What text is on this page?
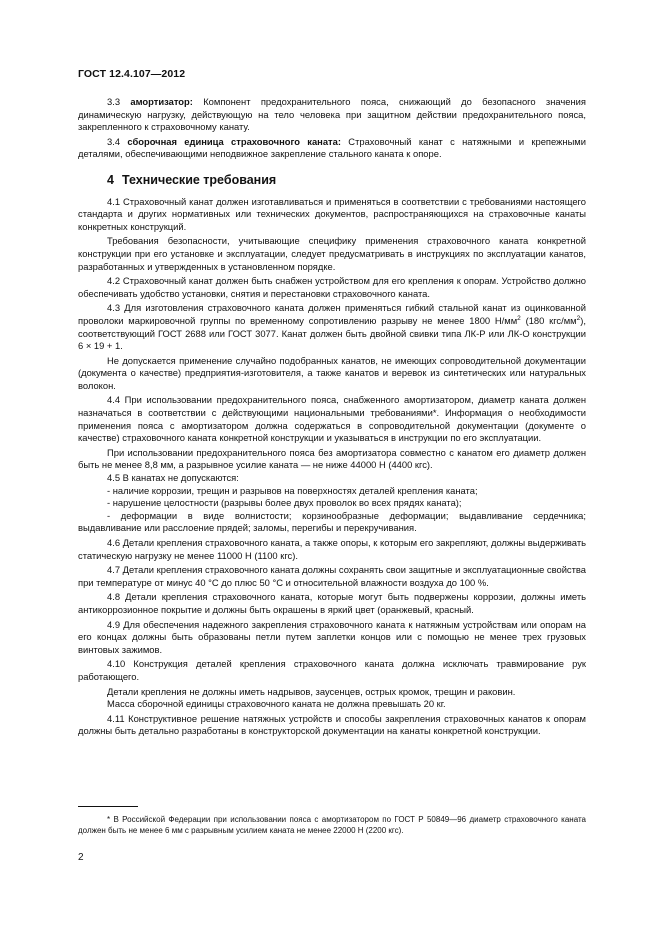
ГОСТ 12.4.107—2012

3.3 амортизатор: Компонент предохранительного пояса, снижающий до безопасного значения динамическую нагрузку, действующую на тело человека при защитном действии предохранительного пояса, закрепленного к страховочному канату.

3.4 сборочная единица страховочного каната: Страховочный канат с натяжными и крепежными деталями, обеспечивающими неподвижное закрепление стального каната к опоре.

4 Технические требования

4.1 Страховочный канат должен изготавливаться и применяться в соответствии с требованиями настоящего стандарта и других нормативных или технических документов, распространяющихся на страховочные канаты конкретных конструкций.

Требования безопасности, учитывающие специфику применения страховочного каната конкретной конструкции при его установке и эксплуатации, следует предусматривать в инструкциях по эксплуатации канатов, разработанных и утвержденных в установленном порядке.

4.2 Страховочный канат должен быть снабжен устройством для его крепления к опорам. Устройство должно обеспечивать удобство установки, снятия и перестановки страховочного каната.

4.3 Для изготовления страховочного каната должен применяться гибкий стальной канат из оцинкованной проволоки маркировочной группы по временному сопротивлению разрыву не менее 1800 $Н/мм^2$ (180 кгс/$мм^2$), соответствующий ГОСТ 2688 или ГОСТ 3077. Канат должен быть двойной свивки типа ЛК-Р или ЛК-О конструкции 6 × 19 + 1.

Не допускается применение случайно подобранных канатов, не имеющих сопроводительной документации (документа о качестве) предприятия-изготовителя, а также канатов и веревок из синтетических или натуральных волокон.

4.4 При использовании предохранительного пояса, снабженного амортизатором, диаметр каната должен назначаться в соответствии с действующими национальными требованиями*. Информация о необходимости применения пояса с амортизатором должна содержаться в сопроводительной документации (документе о качестве) страховочного каната конкретной конструкции и указываться в инструкции по его эксплуатации.

При использовании предохранительного пояса без амортизатора совместно с канатом его диаметр должен быть не менее 8,8 мм, а разрывное усилие каната — не ниже 44000 Н (4400 кгс).

4.5 В канатах не допускаются:

- наличие коррозии, трещин и разрывов на поверхностях деталей крепления каната;

- нарушение целостности (разрывы более двух проволок во всех прядях каната);

- деформации в виде волнистости; корзинообразные деформации; выдавливание сердечника; выдавливание или расслоение прядей; заломы, перегибы и перекручивания.

4.6 Детали крепления страховочного каната, а также опоры, к которым его закрепляют, должны выдерживать статическую нагрузку не менее 11000 Н (1100 кгс).

4.7 Детали крепления страховочного каната должны сохранять свои защитные и эксплуатационные свойства при температуре от минус 40 °С до плюс 50 °С и относительной влажности воздуха до 100 %.

4.8 Детали крепления страховочного каната, которые могут быть подвержены коррозии, должны иметь антикоррозионное покрытие и должны быть окрашены в яркий цвет (оранжевый, красный.

4.9 Для обеспечения надежного закрепления страховочного каната к натяжным устройствам или опорам на его концах должны быть образованы петли путем заплетки концов или с помощью не менее трех грузовых винтовых зажимов.

4.10 Конструкция деталей крепления страховочного каната должна исключать травмирование рук работающего.

Детали крепления не должны иметь надрывов, заусенцев, острых кромок, трещин и раковин.

Масса сборочной единицы страховочного каната не должна превышать 20 кг.

4.11 Конструктивное решение натяжных устройств и способы закрепления страховочных канатов к опорам должны быть детально разработаны в конструкторской документации на канаты конкретной конструкции.

* В Российской Федерации при использовании пояса с амортизатором по ГОСТ Р 50849—96 диаметр страховочного каната должен быть не менее 6 мм с разрывным усилием каната не менее 22000 Н (2200 кгс).

2
